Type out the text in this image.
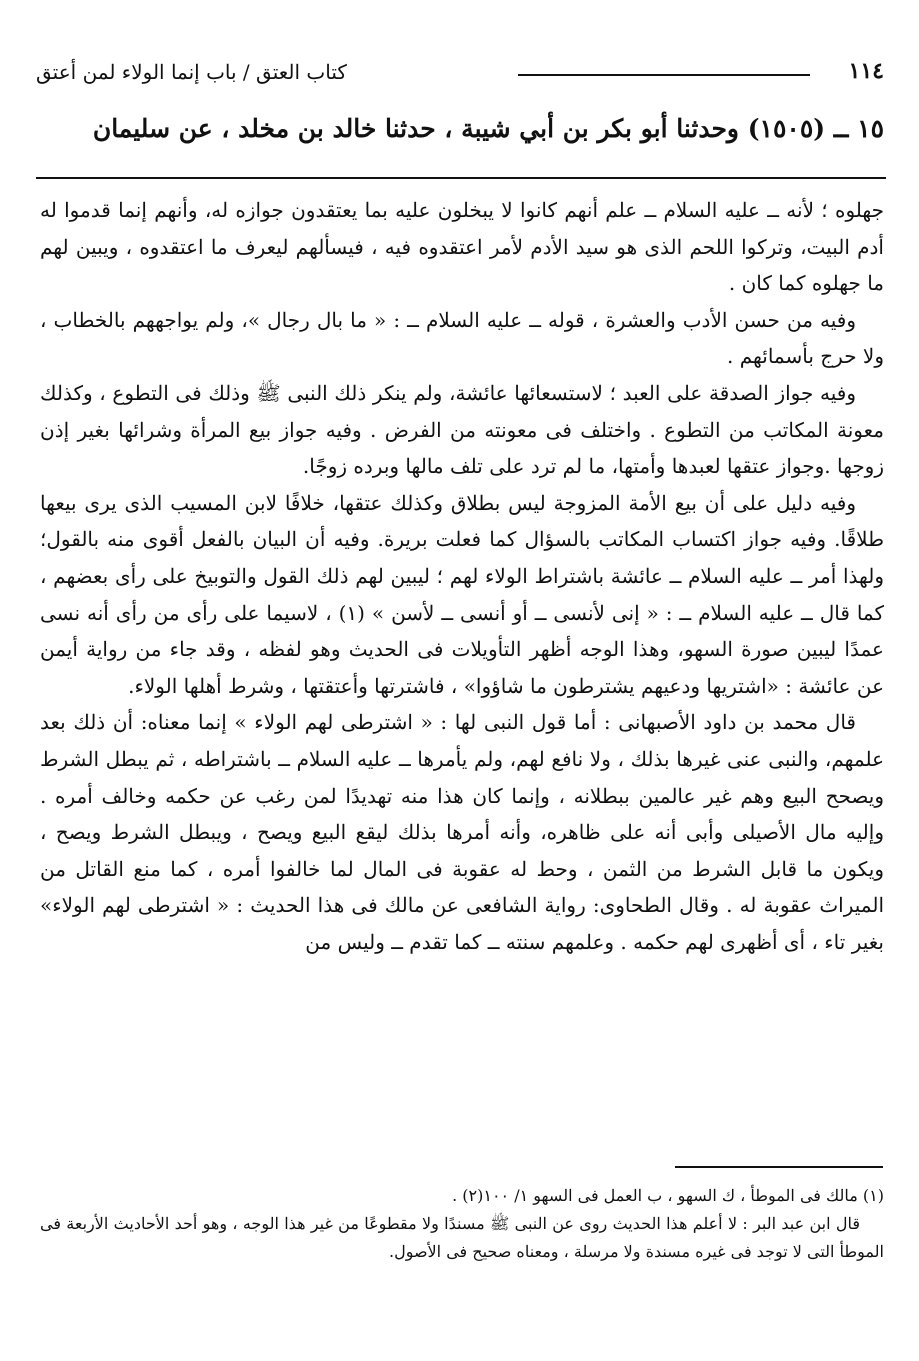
١١٤
كتاب العتق / باب إنما الولاء لمن أعتق
١٥ ــ (١٥٠٥) وحدثنا أبو بكر بن أبي شيبة ، حدثنا خالد بن مخلد ، عن سليمان

جهلوه ؛ لأنه ــ عليه السلام ــ علم أنهم كانوا لا يبخلون عليه بما يعتقدون جوازه له، وأنهم إنما قدموا له أدم البيت، وتركوا اللحم الذى هو سيد الأدم لأمر اعتقدوه فيه ، فيسألهم ليعرف ما اعتقدوه ، ويبين لهم ما جهلوه كما كان .

وفيه من حسن الأدب والعشرة ، قوله ــ عليه السلام ــ : « ما بال رجال »، ولم يواجههم بالخطاب ، ولا حرج بأسمائهم .

وفيه جواز الصدقة على العبد ؛ لاستسعائها عائشة، ولم ينكر ذلك النبى ﷺ وذلك فى التطوع ، وكذلك معونة المكاتب من التطوع . واختلف فى معونته من الفرض . وفيه جواز بيع المرأة وشرائها بغير إذن زوجها .وجواز عتقها لعبدها وأمتها، ما لم ترد على تلف مالها وبرده زوجًا.

وفيه دليل على أن بيع الأمة المزوجة ليس بطلاق وكذلك عتقها، خلافًا لابن المسيب الذى يرى بيعها طلاقًا. وفيه جواز اكتساب المكاتب بالسؤال كما فعلت بريرة. وفيه أن البيان بالفعل أقوى منه بالقول؛ ولهذا أمر ــ عليه السلام ــ عائشة باشتراط الولاء لهم ؛ ليبين لهم ذلك القول والتوبيخ على رأى بعضهم ، كما قال ــ عليه السلام ــ : « إنى لأنسى ــ أو أنسى ــ لأسن » (١) ، لاسيما على رأى من رأى أنه نسى عمدًا ليبين صورة السهو، وهذا الوجه أظهر التأويلات فى الحديث وهو لفظه ، وقد جاء من رواية أيمن عن عائشة : «اشتريها ودعيهم يشترطون ما شاؤوا» ، فاشترتها وأعتقتها ، وشرط أهلها الولاء.

قال محمد بن داود الأصبهانى : أما قول النبى لها : « اشترطى لهم الولاء » إنما معناه: أن ذلك بعد علمهم، والنبى عنى غيرها بذلك ، ولا نافع لهم، ولم يأمرها ــ عليه السلام ــ باشتراطه ، ثم يبطل الشرط ويصحح البيع وهم غير عالمين ببطلانه ، وإنما كان هذا منه تهديدًا لمن رغب عن حكمه وخالف أمره . وإليه مال الأصيلى وأبى أنه على ظاهره، وأنه أمرها بذلك ليقع البيع ويصح ، ويبطل الشرط ويصح ، ويكون ما قابل الشرط من الثمن ، وحط له عقوبة فى المال لما خالفوا أمره ، كما منع القاتل من الميراث عقوبة له . وقال الطحاوى: رواية الشافعى عن مالك فى هذا الحديث : « اشترطى لهم الولاء» بغير تاء ، أى أظهرى لهم حكمه . وعلمهم سنته ــ كما تقدم ــ وليس من

(١) مالك فى الموطأ ، ك السهو ، ب العمل فى السهو ١/ ١٠٠(٢) .

قال ابن عبد البر : لا أعلم هذا الحديث روى عن النبى ﷺ مسندًا ولا مقطوعًا من غير هذا الوجه ، وهو أحد الأحاديث الأربعة فى الموطأ التى لا توجد فى غيره مسندة ولا مرسلة ، ومعناه صحيح فى الأصول.
